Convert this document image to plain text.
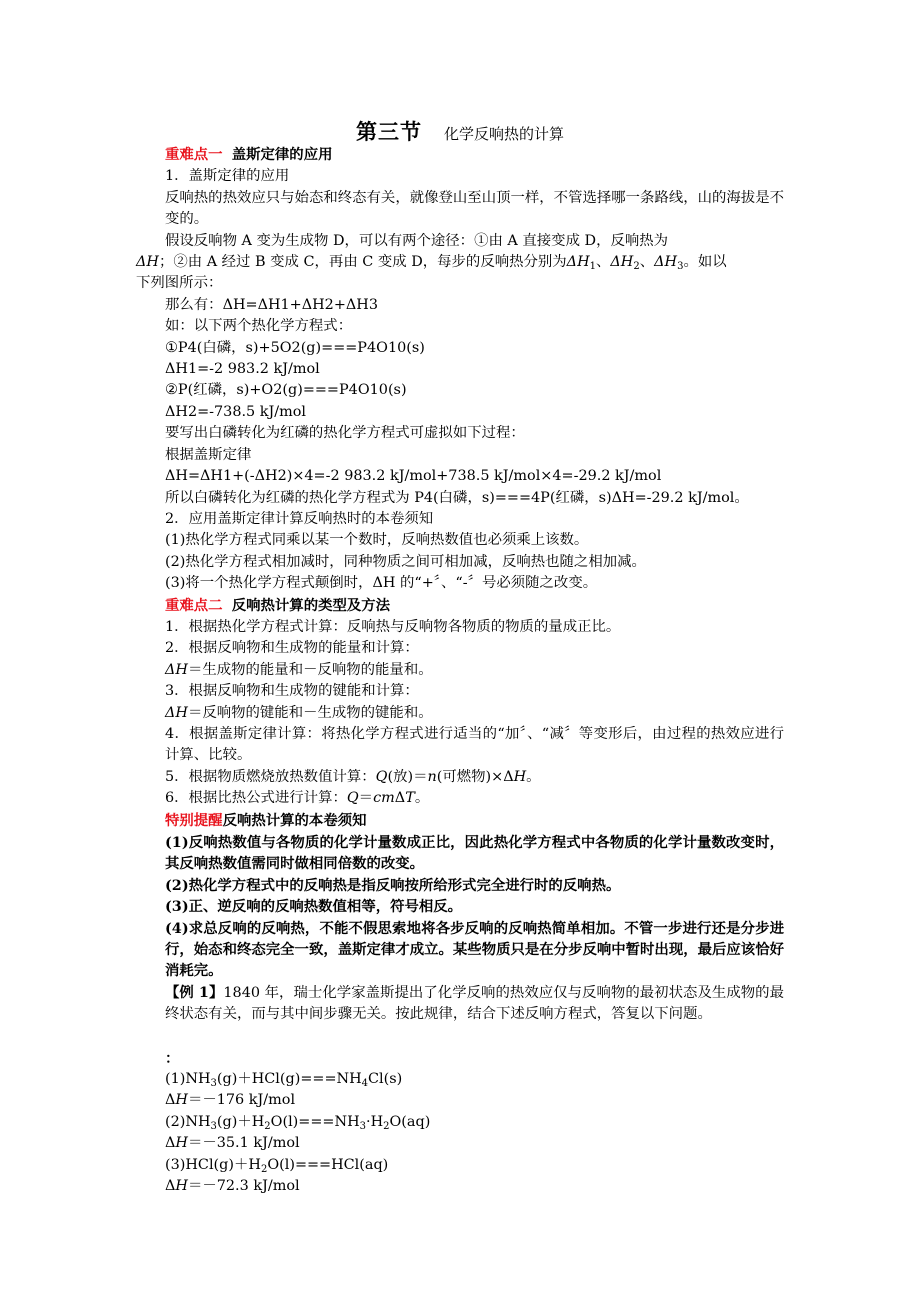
第三节 化学反响热的计算

重难点一 盖斯定律的应用

1．盖斯定律的应用

反响热的热效应只与始态和终态有关，就像登山至山顶一样，不管选择哪一条路线，山的海拔是不变的。

假设反响物 A 变为生成物 D，可以有两个途径：①由 A 直接变成 D，反响热为

ΔH；②由 A 经过 B 变成 C，再由 C 变成 D，每步的反响热分别为$\Delta H_1$、$\Delta H_2$、$\Delta H_3$。如以

下列图所示：

那么有：ΔH=ΔH1+ΔH2+ΔH3

如：以下两个热化学方程式：

①P4(白磷，s)+5O2(g)===P4O10(s)

ΔH1=-2 983.2 kJ/mol

②P(红磷，s)+O2(g)===P4O10(s)

ΔH2=-738.5 kJ/mol

要写出白磷转化为红磷的热化学方程式可虚拟如下过程：

根据盖斯定律

ΔH=ΔH1+(-ΔH2)×4=-2 983.2 kJ/mol+738.5 kJ/mol×4=-29.2 kJ/mol

所以白磷转化为红磷的热化学方程式为 P4(白磷，s)===4P(红磷，s)ΔH=-29.2 kJ/mol。

2．应用盖斯定律计算反响热时的本卷须知

(1)热化学方程式同乘以某一个数时，反响热数值也必须乘上该数。

(2)热化学方程式相加减时，同种物质之间可相加减，反响热也随之相加减。

(3)将一个热化学方程式颠倒时，ΔH 的“+〞、“-〞号必须随之改变。

重难点二 反响热计算的类型及方法

1．根据热化学方程式计算：反响热与反响物各物质的物质的量成正比。

2．根据反响物和生成物的能量和计算：

ΔH＝生成物的能量和－反响物的能量和。

3．根据反响物和生成物的键能和计算：

ΔH＝反响物的键能和－生成物的键能和。

4．根据盖斯定律计算：将热化学方程式进行适当的“加〞、“减〞等变形后，由过程的热效应进行计算、比较。

5．根据物质燃烧放热数值计算：Q(放)＝n(可燃物)×ΔH。

6．根据比热公式进行计算：Q＝cmΔT。

特别提醒反响热计算的本卷须知

(1)反响热数值与各物质的化学计量数成正比，因此热化学方程式中各物质的化学计量数改变时，其反响热数值需同时做相同倍数的改变。

(2)热化学方程式中的反响热是指反响按所给形式完全进行时的反响热。

(3)正、逆反响的反响热数值相等，符号相反。

(4)求总反响的反响热，不能不假思索地将各步反响的反响热简单相加。不管一步进行还是分步进行，始态和终态完全一致，盖斯定律才成立。某些物质只是在分步反响中暂时出现，最后应该恰好消耗完。

【例 1】1840 年，瑞士化学家盖斯提出了化学反响的热效应仅与反响物的最初状态及生成物的最终状态有关，而与其中间步骤无关。按此规律，结合下述反响方程式，答复以下问题。

：

$(1)NH_3(g)+HCl(g)===NH_4Cl(s)$

ΔH＝－176 kJ/mol

$(2)NH_3(g)+H_2O(l)===NH_3\cdot H_2O(aq)$

ΔH＝－35.1 kJ/mol

$(3)HCl(g)+H_2O(l)===HCl(aq)$

ΔH＝－72.3 kJ/mol
